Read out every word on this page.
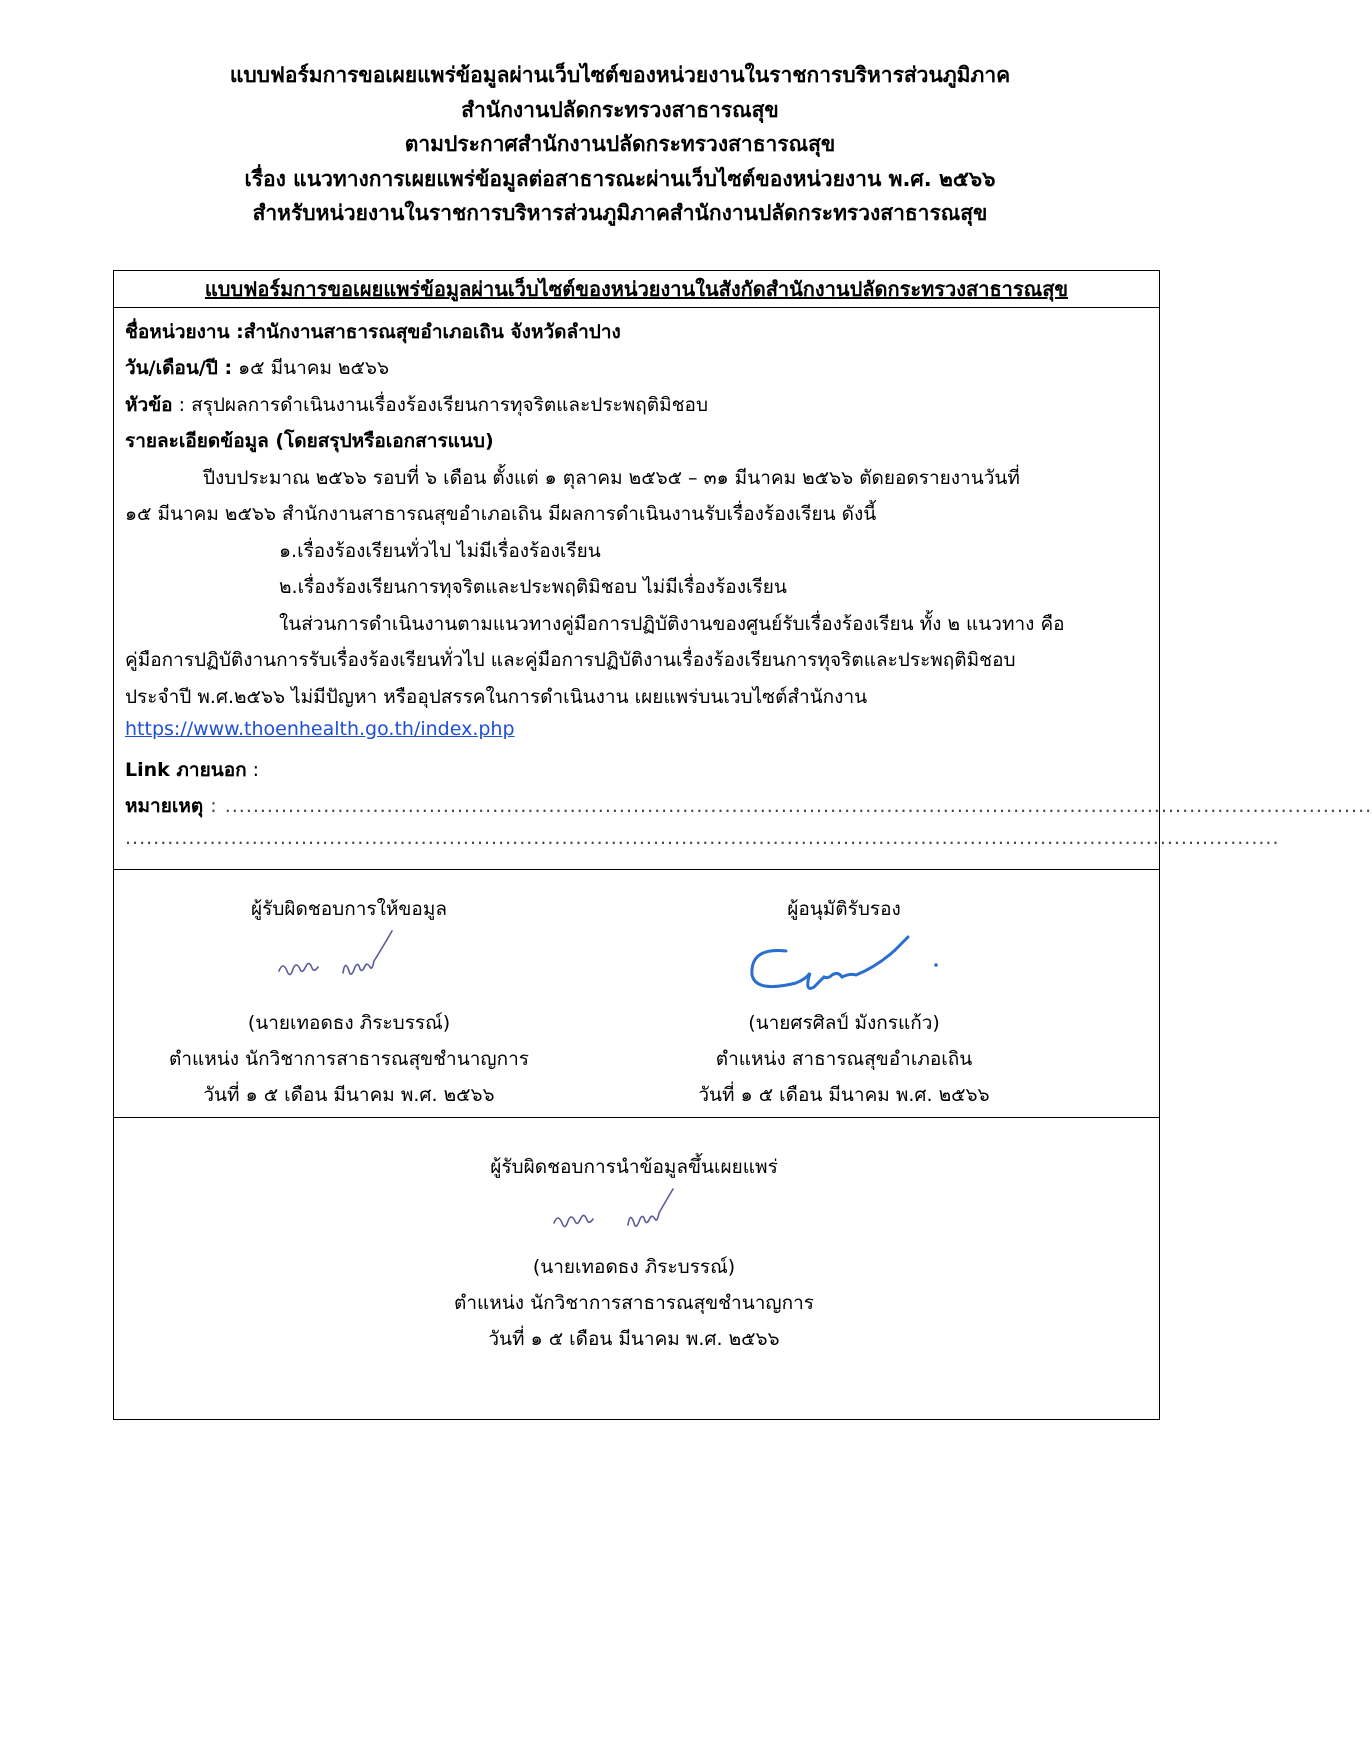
แบบฟอร์มการขอเผยแพร่ข้อมูลผ่านเว็บไซต์ของหน่วยงานในราชการบริหารส่วนภูมิภาค
สำนักงานปลัดกระทรวงสาธารณสุข
ตามประกาศสำนักงานปลัดกระทรวงสาธารณสุข
เรื่อง แนวทางการเผยแพร่ข้อมูลต่อสาธารณะผ่านเว็บไซต์ของหน่วยงาน พ.ศ. ๒๕๖๖
สำหรับหน่วยงานในราชการบริหารส่วนภูมิภาคสำนักงานปลัดกระทรวงสาธารณสุข
แบบฟอร์มการขอเผยแพร่ข้อมูลผ่านเว็บไซต์ของหน่วยงานในสังกัดสำนักงานปลัดกระทรวงสาธารณสุข
ชื่อหน่วยงาน :สำนักงานสาธารณสุขอำเภอเถิน จังหวัดลำปาง
วัน/เดือน/ปี : ๑๕ มีนาคม ๒๕๖๖
หัวข้อ : สรุปผลการดำเนินงานเรื่องร้องเรียนการทุจริตและประพฤติมิชอบ
รายละเอียดข้อมูล (โดยสรุปหรือเอกสารแนบ)
ปีงบประมาณ ๒๕๖๖ รอบที่ ๖ เดือน ตั้งแต่ ๑ ตุลาคม ๒๕๖๕ – ๓๑ มีนาคม ๒๕๖๖ ตัดยอดรายงานวันที่
๑๕ มีนาคม ๒๕๖๖ สำนักงานสาธารณสุขอำเภอเถิน มีผลการดำเนินงานรับเรื่องร้องเรียน ดังนี้
๑.เรื่องร้องเรียนทั่วไป ไม่มีเรื่องร้องเรียน
๒.เรื่องร้องเรียนการทุจริตและประพฤติมิชอบ ไม่มีเรื่องร้องเรียน
ในส่วนการดำเนินงานตามแนวทางคู่มือการปฏิบัติงานของศูนย์รับเรื่องร้องเรียน ทั้ง ๒ แนวทาง คือ
คู่มือการปฏิบัติงานการรับเรื่องร้องเรียนทั่วไป และคู่มือการปฏิบัติงานเรื่องร้องเรียนการทุจริตและประพฤติมิชอบ
ประจำปี พ.ศ.๒๕๖๖ ไม่มีปัญหา หรืออุปสรรคในการดำเนินงาน เผยแพร่บนเวบไซต์สำนักงาน
https://www.thoenhealth.go.th/index.php
Link ภายนอก :
หมายเหตุ : ...................................................................................................................................................................
....................................................................................................................................................................
ผู้รับผิดชอบการให้ขอมูล
(นายเทอดธง ภิระบรรณ์)
ตำแหน่ง นักวิชาการสาธารณสุขชำนาญการ
วันที่ ๑ ๕ เดือน มีนาคม พ.ศ. ๒๕๖๖
ผู้อนุมัติรับรอง
(นายศรศิลป์ มังกรแก้ว)
ตำแหน่ง สาธารณสุขอำเภอเถิน
วันที่ ๑ ๕ เดือน มีนาคม พ.ศ. ๒๕๖๖
ผู้รับผิดชอบการนำข้อมูลขึ้นเผยแพร่
(นายเทอดธง ภิระบรรณ์)
ตำแหน่ง นักวิชาการสาธารณสุขชำนาญการ
วันที่ ๑ ๕ เดือน มีนาคม พ.ศ. ๒๕๖๖
